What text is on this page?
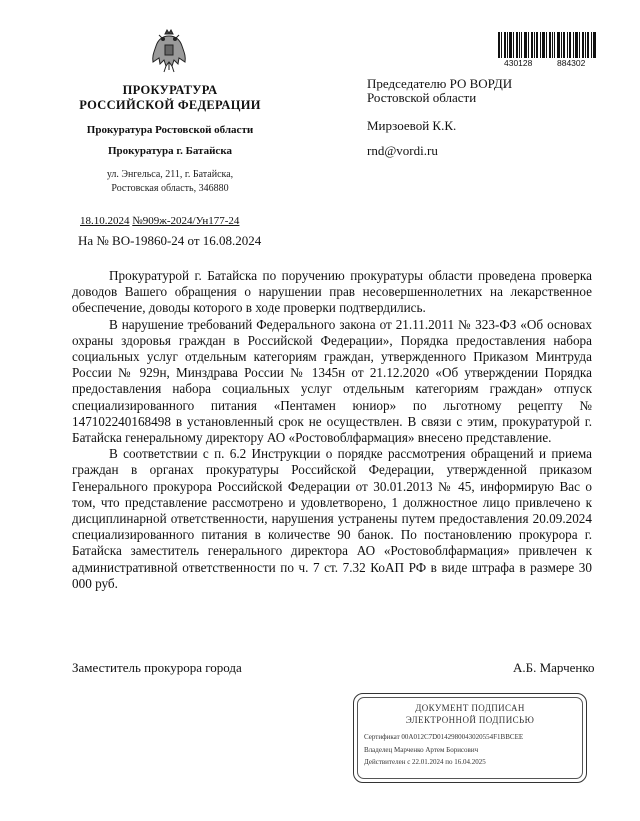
ПРОКУРАТУРА
РОССИЙСКОЙ ФЕДЕРАЦИИ
Прокуратура Ростовской области
Прокуратура г. Батайска
ул. Энгельса, 211, г. Батайска,
Ростовская область, 346880
18.10.2024 №909ж-2024/Ун177-24
На № ВО-19860-24 от 16.08.2024
430128	884302
Председателю РО ВОРДИ
Ростовской области
Мирзоевой К.К.
rnd@vordi.ru

Прокуратурой г. Батайска по поручению прокуратуры области проведена проверка доводов Вашего обращения о нарушении прав несовершеннолетних на лекарственное обеспечение, доводы которого в ходе проверки подтвердились.

В нарушение требований Федерального закона от 21.11.2011 № 323-ФЗ «Об основах охраны здоровья граждан в Российской Федерации», Порядка предоставления набора социальных услуг отдельным категориям граждан, утвержденного Приказом Минтруда России № 929н, Минздрава России № 1345н от 21.12.2020 «Об утверждении Порядка предоставления набора социальных услуг отдельным категориям граждан» отпуск специализированного питания «Пентамен юниор» по льготному рецепту № 147102240168498 в установленный срок не осуществлен. В связи с этим, прокуратурой г. Батайска генеральному директору АО «Ростовоблфармация» внесено представление.

В соответствии с п. 6.2 Инструкции о порядке рассмотрения обращений и приема граждан в органах прокуратуры Российской Федерации, утвержденной приказом Генерального прокурора Российской Федерации от 30.01.2013 № 45, информирую Вас о том, что представление рассмотрено и удовлетворено, 1 должностное лицо привлечено к дисциплинарной ответственности, нарушения устранены путем предоставления 20.09.2024 специализированного питания в количестве 90 банок. По постановлению прокурора г. Батайска заместитель генерального директора АО «Ростовоблфармация» привлечен к административной ответственности по ч. 7 ст. 7.32 КоАП РФ в виде штрафа в размере 30 000 руб.

Заместитель прокурора города	А.Б. Марченко
ДОКУМЕНТ ПОДПИСАН
ЭЛЕКТРОННОЙ ПОДПИСЬЮ
Сертификат 00A012C7D0142980043020554F1BBCEE
Владелец Марченко Артем Борисович
Действителен с 22.01.2024 по 16.04.2025
